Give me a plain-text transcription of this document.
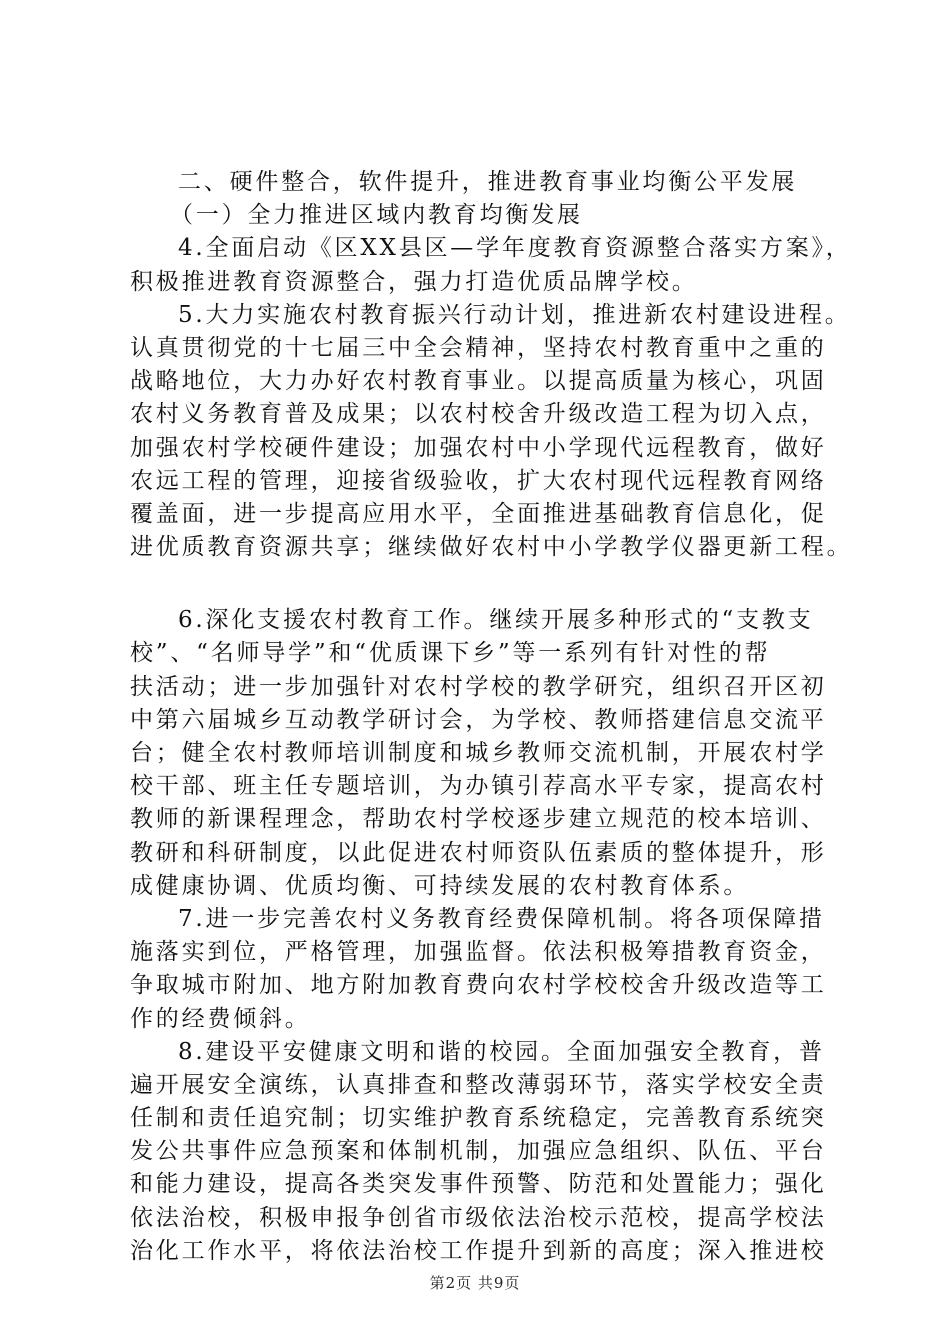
二、硬件整合，软件提升，推进教育事业均衡公平发展
（一）全力推进区域内教育均衡发展
4.全面启动《区XX县区—学年度教育资源整合落实方案》，
积极推进教育资源整合，强力打造优质品牌学校。
5.大力实施农村教育振兴行动计划，推进新农村建设进程。
认真贯彻党的十七届三中全会精神，坚持农村教育重中之重的
战略地位，大力办好农村教育事业。以提高质量为核心，巩固
农村义务教育普及成果；以农村校舍升级改造工程为切入点，
加强农村学校硬件建设；加强农村中小学现代远程教育，做好
农远工程的管理，迎接省级验收，扩大农村现代远程教育网络
覆盖面，进一步提高应用水平，全面推进基础教育信息化，促
进优质教育资源共享；继续做好农村中小学教学仪器更新工程。
6.深化支援农村教育工作。继续开展多种形式的“支教支
校”、“名师导学”和“优质课下乡”等一系列有针对性的帮
扶活动；进一步加强针对农村学校的教学研究，组织召开区初
中第六届城乡互动教学研讨会，为学校、教师搭建信息交流平
台；健全农村教师培训制度和城乡教师交流机制，开展农村学
校干部、班主任专题培训，为办镇引荐高水平专家，提高农村
教师的新课程理念，帮助农村学校逐步建立规范的校本培训、
教研和科研制度，以此促进农村师资队伍素质的整体提升，形
成健康协调、优质均衡、可持续发展的农村教育体系。
7.进一步完善农村义务教育经费保障机制。将各项保障措
施落实到位，严格管理，加强监督。依法积极筹措教育资金，
争取城市附加、地方附加教育费向农村学校校舍升级改造等工
作的经费倾斜。
8.建设平安健康文明和谐的校园。全面加强安全教育，普
遍开展安全演练，认真排查和整改薄弱环节，落实学校安全责
任制和责任追究制；切实维护教育系统稳定，完善教育系统突
发公共事件应急预案和体制机制，加强应急组织、队伍、平台
和能力建设，提高各类突发事件预警、防范和处置能力；强化
依法治校，积极申报争创省市级依法治校示范校，提高学校法
治化工作水平，将依法治校工作提升到新的高度；深入推进校
第2页 共9页
